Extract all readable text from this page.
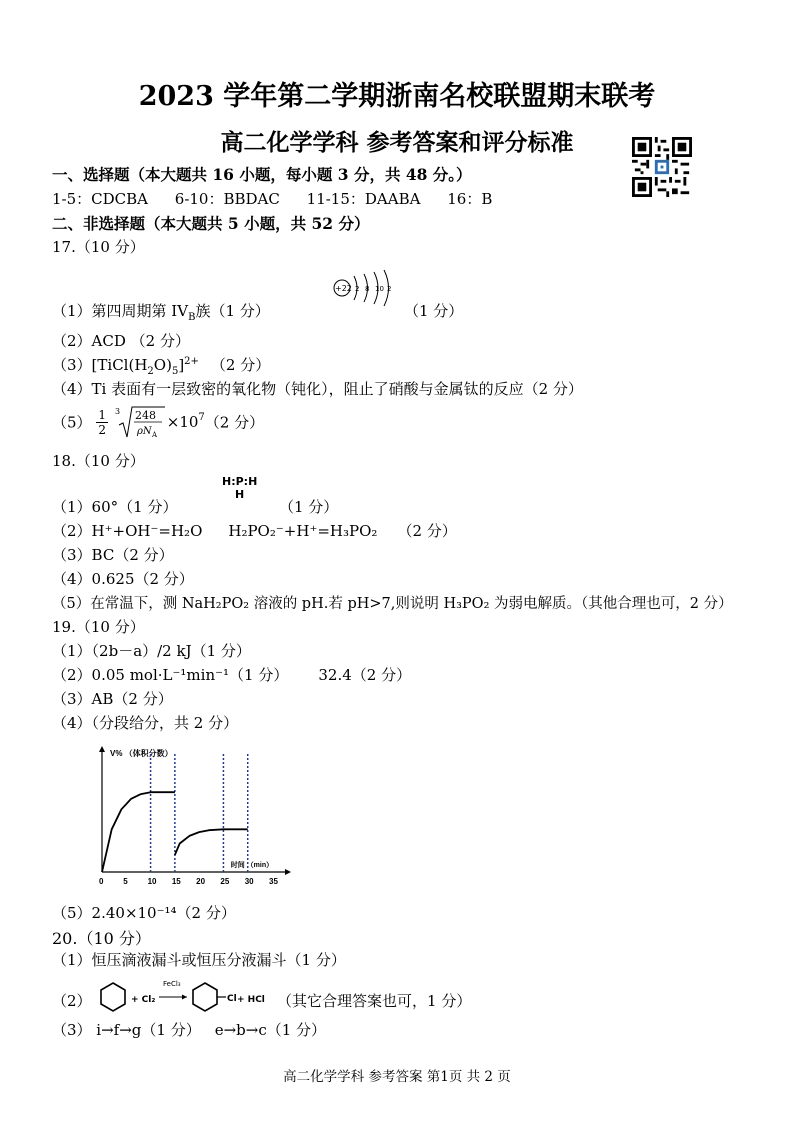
2023 学年第二学期浙南名校联盟期末联考
高二化学学科 参考答案和评分标准
一、选择题（本大题共 16 小题，每小题 3 分，共 48 分。）
1-5：CDCBA 6-10：BBDAC 11-15：DAABA 16：B
二、非选择题（本大题共 5 小题，共 52 分）
17.（10 分）
+22 2 8 10 2
（1）第四周期第 $IV_B$族（1 分）	（1 分）
（2）ACD （2 分）
$(3)[TiCl(H_2O)_5]^{2+}$ （2 分）
（4）Ti 表面有一层致密的氧化物（钝化），阻止了硝酸与金属钛的反应（2 分）
$(5) \frac{1}{2}$
3 248
ρN A
$\times 10^7(2$ 分）
18.（10 分）
H:P:H
H
（1）60°（1 分）	（1 分）
（2）H⁺+OH⁻=H₂O H₂PO₂⁻+H⁺=H₃PO₂ （2 分）
（3）BC（2 分）
（4）0.625（2 分）
（5）在常温下，测 NaH₂PO₂ 溶液的 pH.若 pH>7,则说明 H₃PO₂ 为弱电解质。（其他合理也可，2 分）
19.（10 分）
（1）（2b－a）/2 kJ（1 分）
（2）0.05 mol·L⁻¹min⁻¹（1 分） 32.4（2 分）
（3）AB（2 分）
（4）（分段给分，共 2 分）
V% （体积分数）
时间 （min）
0 5 10 15 20 25 30 35
（5）2.40×10⁻¹⁴（2 分）
20.（10 分）
（1）恒压滴液漏斗或恒压分液漏斗（1 分）
（2）	+ Cl₂
FeCl₃
Cl + HCl （其它合理答案也可，1 分）
（3） i→f→g（1 分） e→b→c（1 分）
高二化学学科 参考答案 第1页 共 2 页
